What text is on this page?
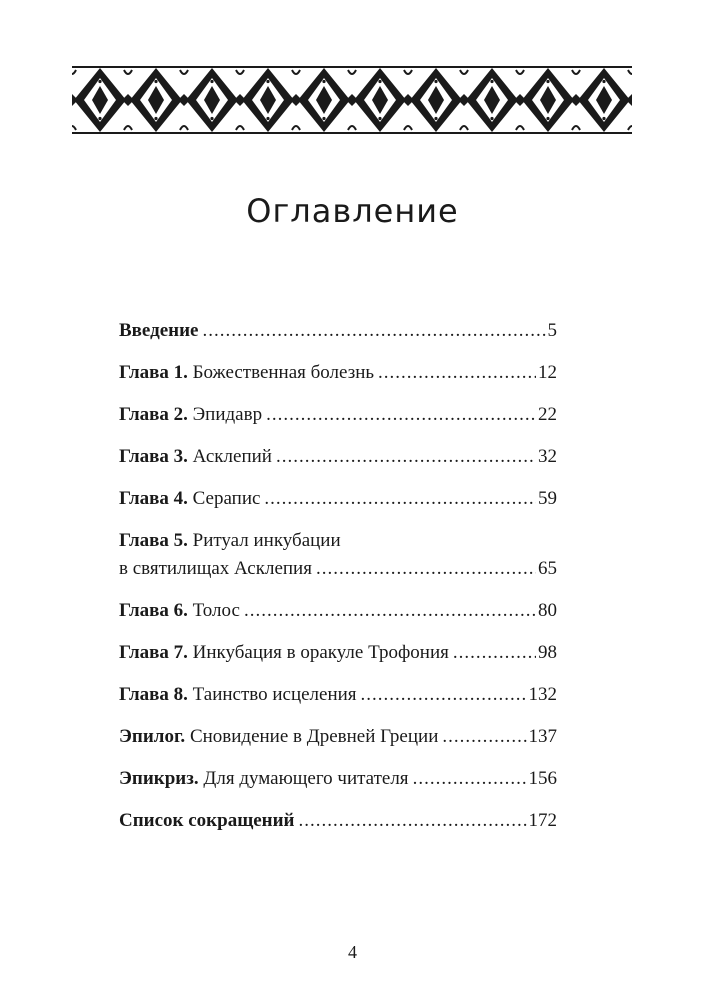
Оглавление
Введение .....	5
Глава 1. Божественная болезнь .....	12
Глава 2. Эпидавр .....	22
Глава 3. Асклепий .....	32
Глава 4. Серапис .....	59
Глава 5. Ритуал инкубации
в святилищах Асклепия .....	65
Глава 6. Толос .....	80
Глава 7. Инкубация в оракуле Трофония .....	98
Глава 8. Таинство исцеления .....	132
Эпилог. Сновидение в Древней Греции .....	137
Эпикриз. Для думающего читателя .....	156
Список сокращений .....	172
4
